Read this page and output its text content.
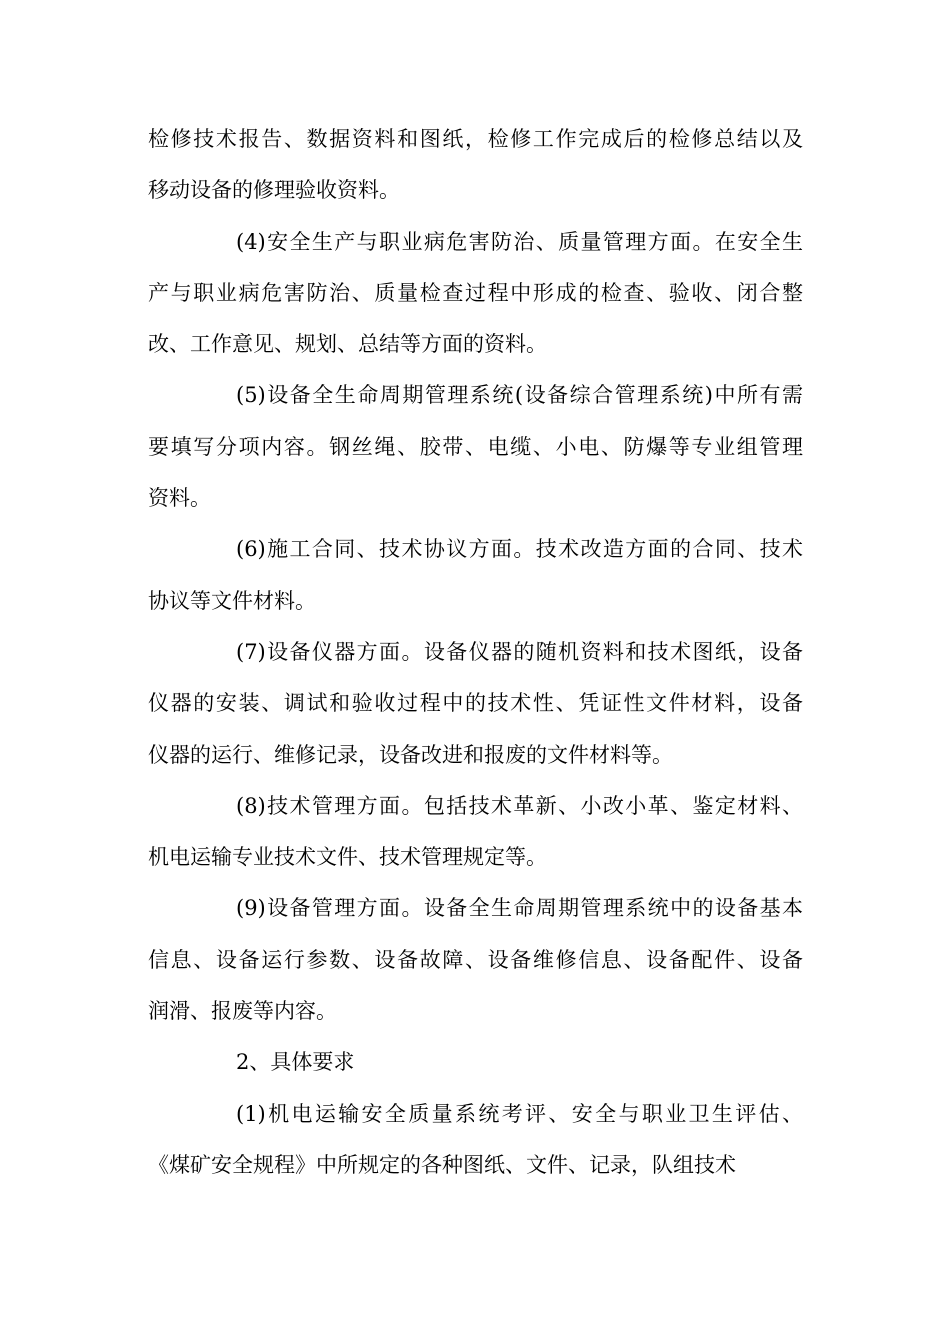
检修技术报告、数据资料和图纸，检修工作完成后的检修总结以及
移动设备的修理验收资料。
(4)安全生产与职业病危害防治、质量管理方面。在安全生
产与职业病危害防治、质量检查过程中形成的检查、验收、闭合整
改、工作意见、规划、总结等方面的资料。
(5)设备全生命周期管理系统(设备综合管理系统)中所有需
要填写分项内容。钢丝绳、胶带、电缆、小电、防爆等专业组管理
资料。
(6)施工合同、技术协议方面。技术改造方面的合同、技术
协议等文件材料。
(7)设备仪器方面。设备仪器的随机资料和技术图纸，设备
仪器的安装、调试和验收过程中的技术性、凭证性文件材料，设备
仪器的运行、维修记录，设备改进和报废的文件材料等。
(8)技术管理方面。包括技术革新、小改小革、鉴定材料、
机电运输专业技术文件、技术管理规定等。
(9)设备管理方面。设备全生命周期管理系统中的设备基本
信息、设备运行参数、设备故障、设备维修信息、设备配件、设备
润滑、报废等内容。
2、具体要求
(1)机电运输安全质量系统考评、安全与职业卫生评估、
《煤矿安全规程》中所规定的各种图纸、文件、记录，队组技术
